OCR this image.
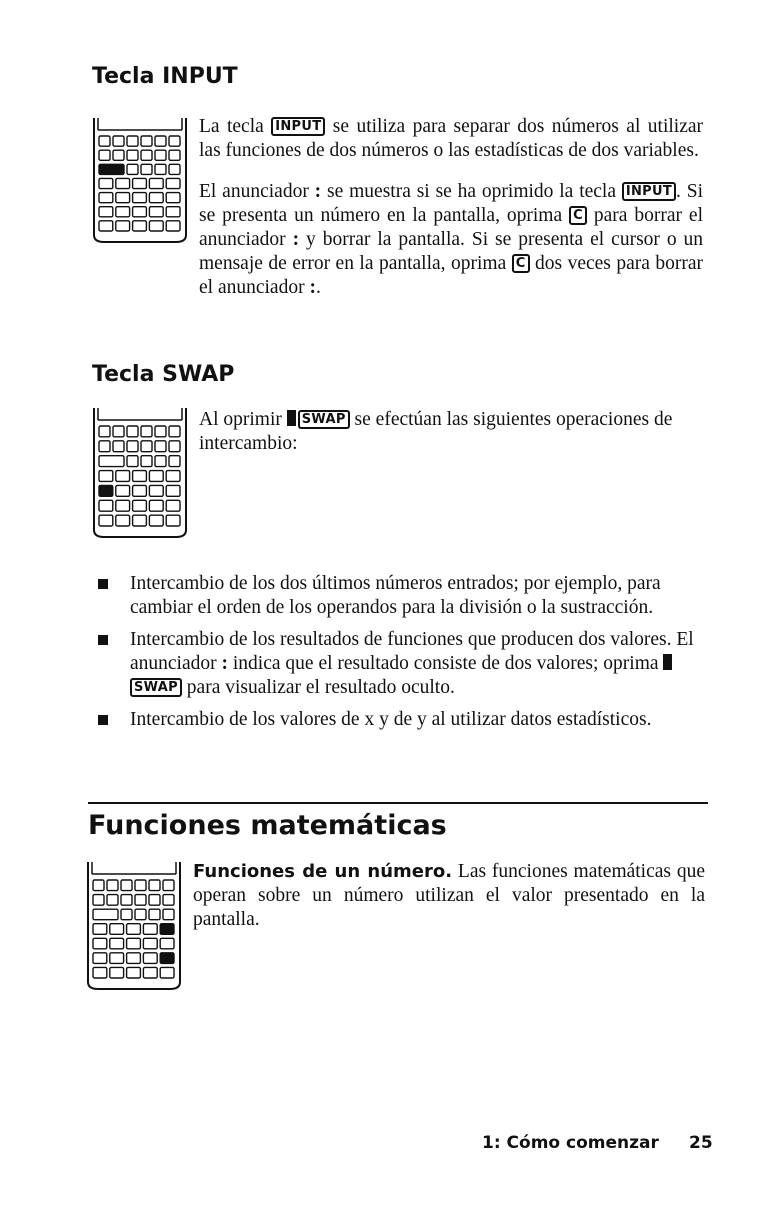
Tecla INPUT

La tecla INPUT se utiliza para separar dos números al utilizar las funciones de dos números o las estadísticas de dos variables.

El anunciador : se muestra si se ha oprimido la tecla INPUT . Si se presenta un número en la pantalla, oprima C para borrar el anunciador : y borrar la pantalla. Si se presenta el cursor o un mensaje de error en la pantalla, oprima C dos veces para borrar el anunciador :.

Tecla SWAP

Al oprimir SWAP se efectúan las siguientes operaciones de intercambio:

Intercambio de los dos últimos números entrados; por ejemplo, para cambiar el orden de los operandos para la división o la sustracción.
Intercambio de los resultados de funciones que producen dos valores. El anunciador : indica que el resultado consiste de dos valores; oprima SWAP para visualizar el resultado oculto.
Intercambio de los valores de x y de y al utilizar datos estadísticos.
Funciones matemáticas

Funciones de un número. Las funciones matemáticas que operan sobre un número utilizan el valor presentado en la pantalla.

1: Cómo comenzar 25
